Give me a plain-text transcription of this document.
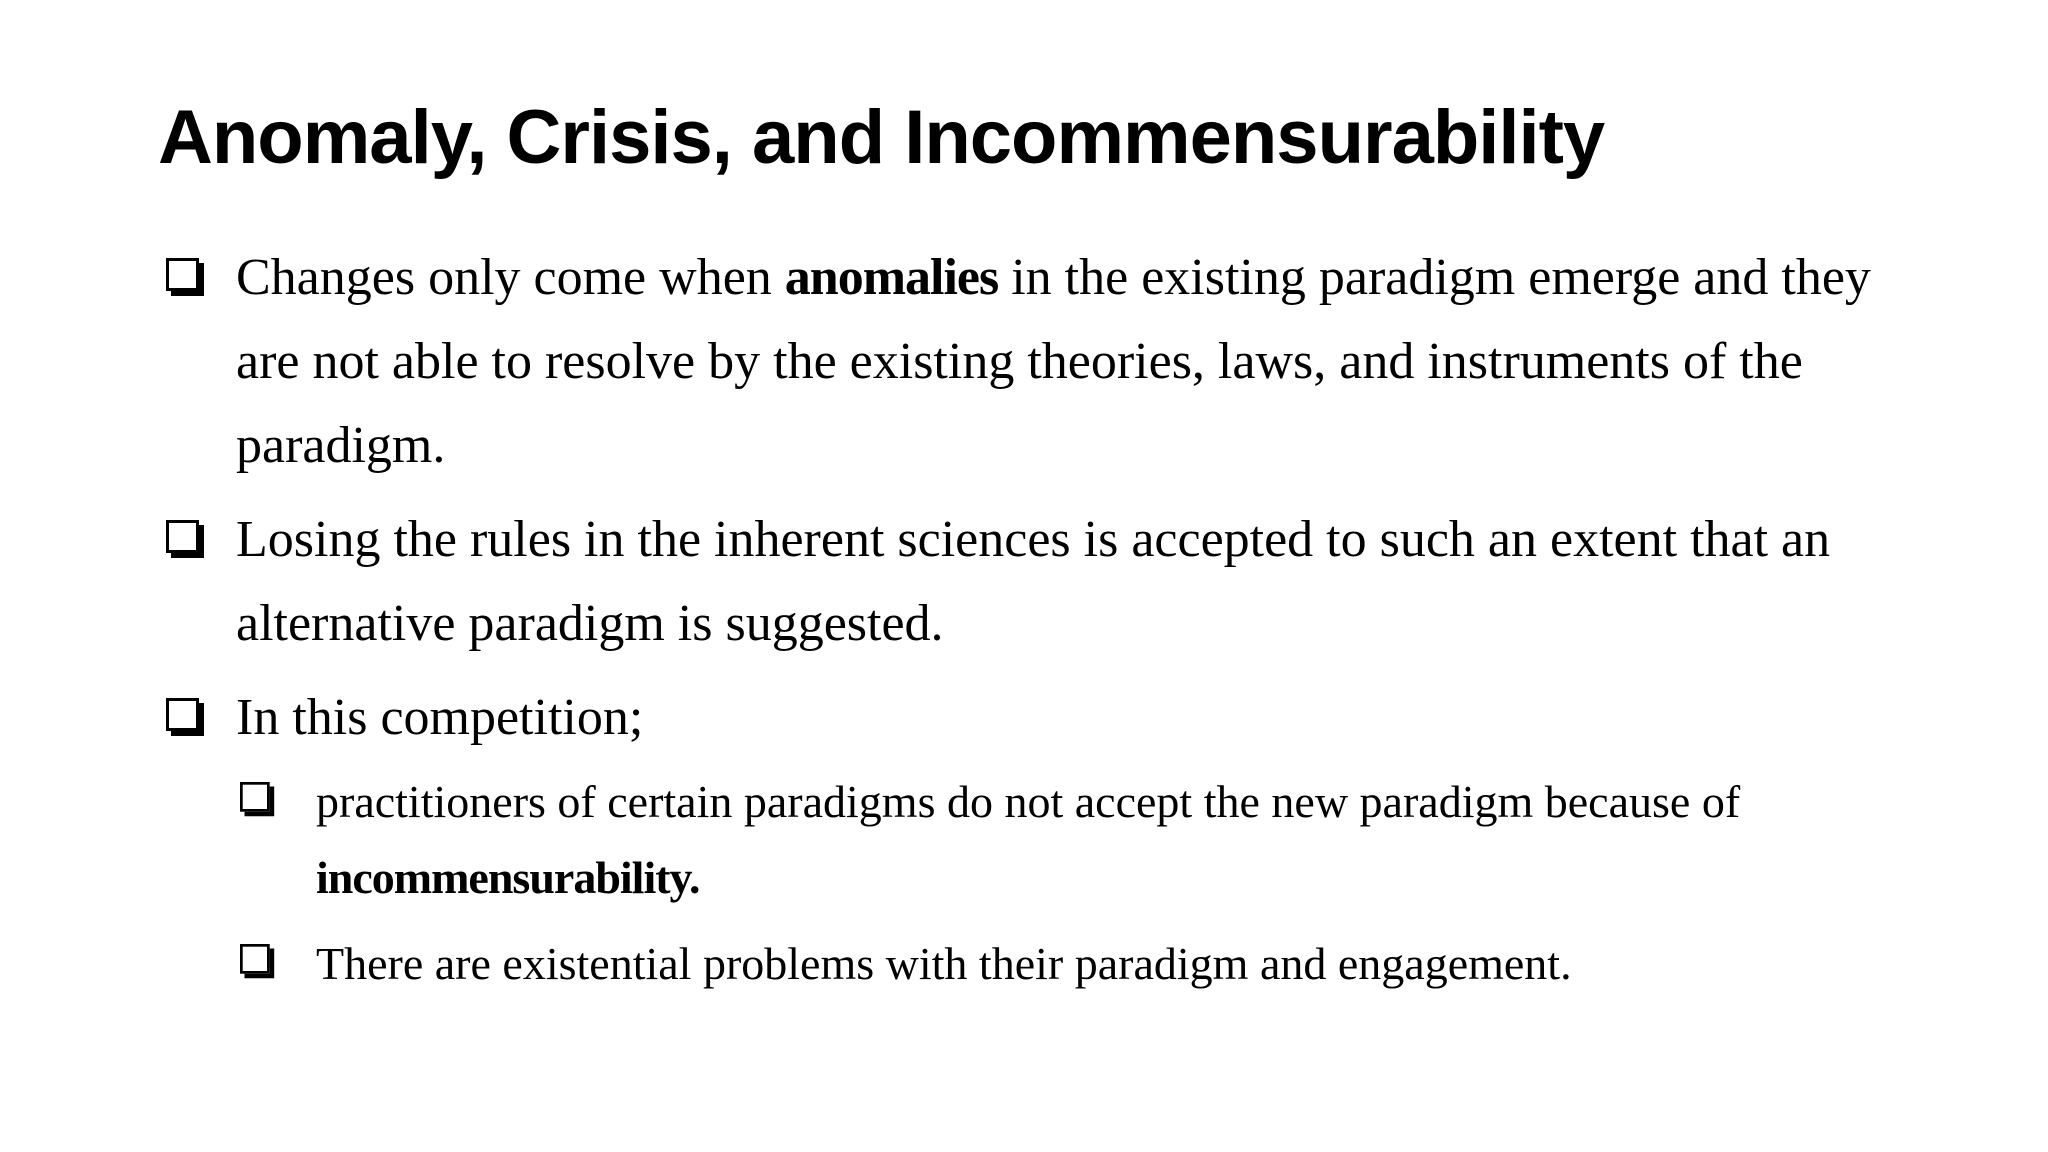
Anomaly, Crisis, and Incommensurability
Changes only come when anomalies in the existing paradigm emerge and they are not able to resolve by the existing theories, laws, and instruments of the paradigm.
Losing the rules in the inherent sciences is accepted to such an extent that an alternative paradigm is suggested.
In this competition;
practitioners of certain paradigms do not accept the new paradigm because of incommensurability.
There are existential problems with their paradigm and engagement.
